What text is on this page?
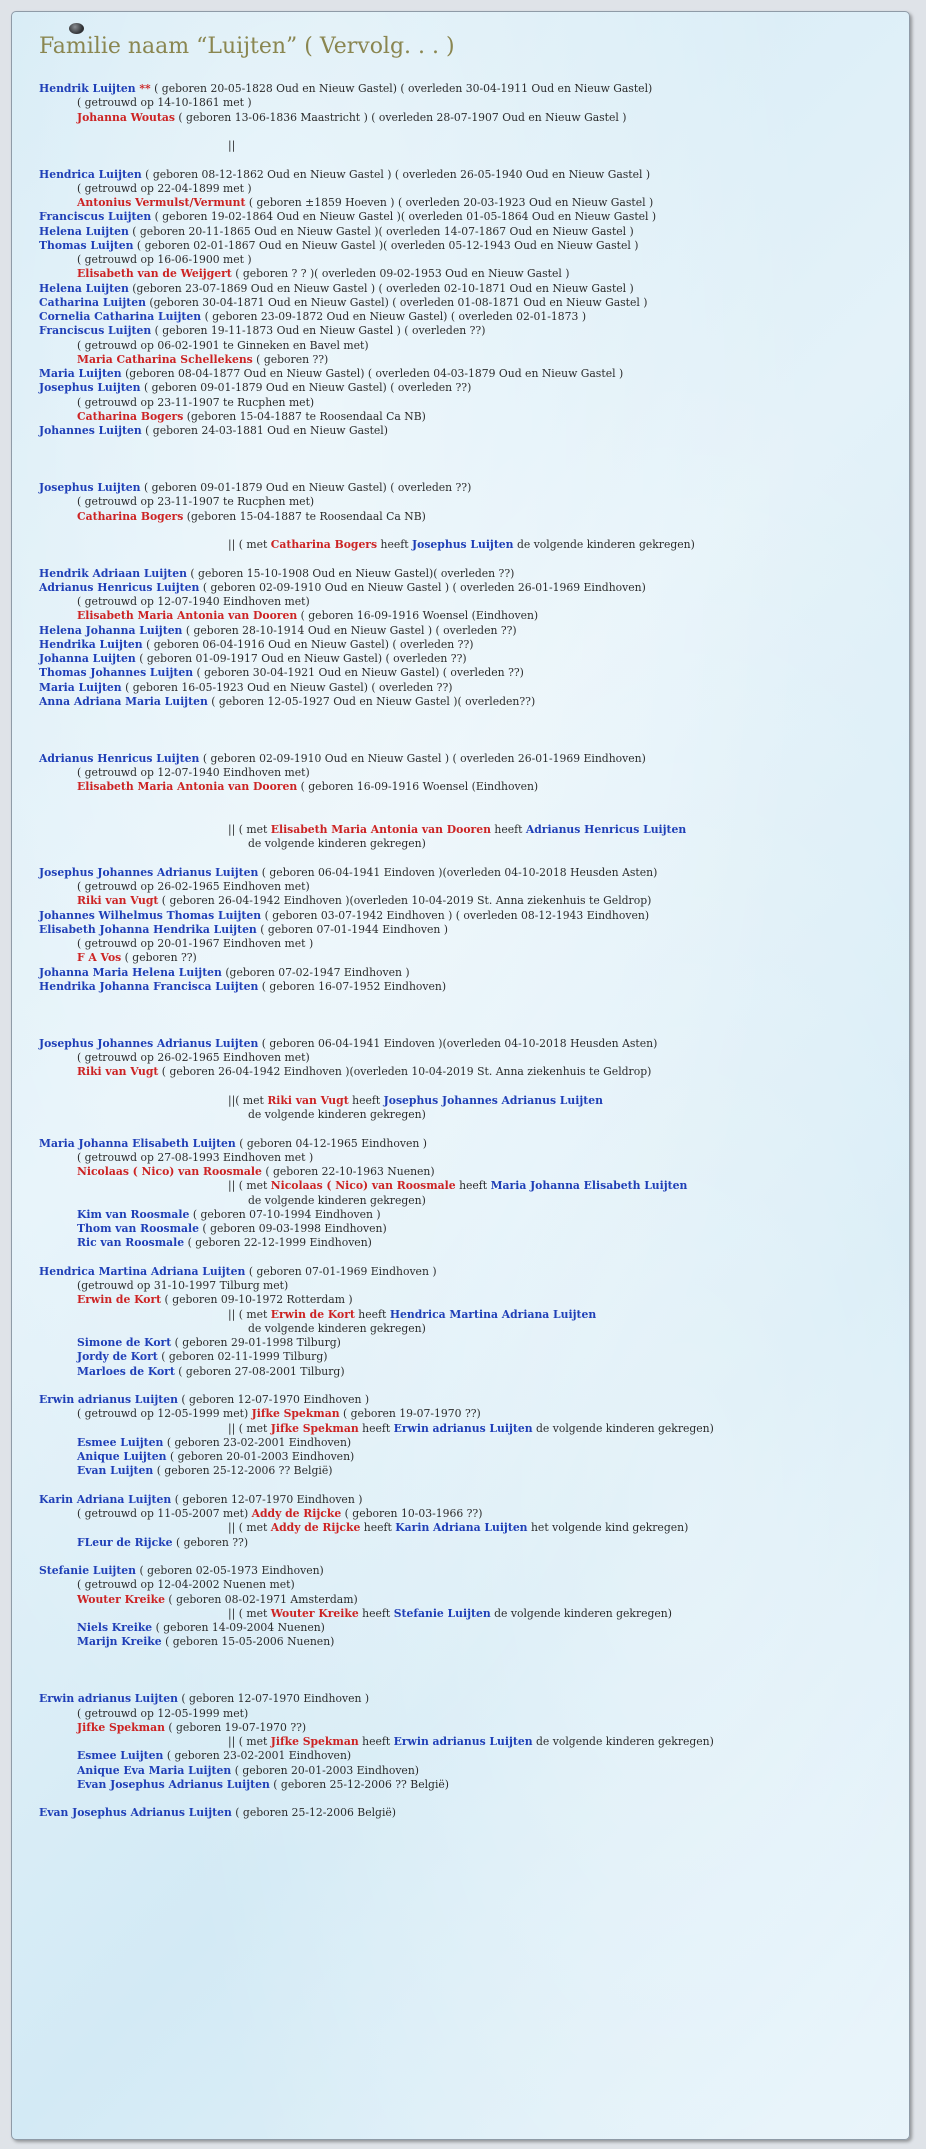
Familie naam “Luijten” ( Vervolg. . . )
Hendrik Luijten ** ( geboren 20-05-1828 Oud en Nieuw Gastel) ( overleden 30-04-1911 Oud en Nieuw Gastel)
( getrouwd op 14-10-1861 met )
Johanna Woutas ( geboren 13-06-1836 Maastricht ) ( overleden 28-07-1907 Oud en Nieuw Gastel )
||
Hendrica Luijten ( geboren 08-12-1862 Oud en Nieuw Gastel ) ( overleden 26-05-1940 Oud en Nieuw Gastel )
( getrouwd op 22-04-1899 met )
Antonius Vermulst/Vermunt ( geboren ±1859 Hoeven ) ( overleden 20-03-1923 Oud en Nieuw Gastel )
Franciscus Luijten ( geboren 19-02-1864 Oud en Nieuw Gastel )( overleden 01-05-1864 Oud en Nieuw Gastel )
Helena Luijten ( geboren 20-11-1865 Oud en Nieuw Gastel )( overleden 14-07-1867 Oud en Nieuw Gastel )
Thomas Luijten ( geboren 02-01-1867 Oud en Nieuw Gastel )( overleden 05-12-1943 Oud en Nieuw Gastel )
( getrouwd op 16-06-1900 met )
Elisabeth van de Weijgert ( geboren ? ? )( overleden 09-02-1953 Oud en Nieuw Gastel )
Helena Luijten (geboren 23-07-1869 Oud en Nieuw Gastel ) ( overleden 02-10-1871 Oud en Nieuw Gastel )
Catharina Luijten (geboren 30-04-1871 Oud en Nieuw Gastel) ( overleden 01-08-1871 Oud en Nieuw Gastel )
Cornelia Catharina Luijten ( geboren 23-09-1872 Oud en Nieuw Gastel) ( overleden 02-01-1873 )
Franciscus Luijten ( geboren 19-11-1873 Oud en Nieuw Gastel ) ( overleden ??)
( getrouwd op 06-02-1901 te Ginneken en Bavel met)
Maria Catharina Schellekens ( geboren ??)
Maria Luijten (geboren 08-04-1877 Oud en Nieuw Gastel) ( overleden 04-03-1879 Oud en Nieuw Gastel )
Josephus Luijten ( geboren 09-01-1879 Oud en Nieuw Gastel) ( overleden ??)
( getrouwd op 23-11-1907 te Rucphen met)
Catharina Bogers (geboren 15-04-1887 te Roosendaal Ca NB)
Johannes Luijten ( geboren 24-03-1881 Oud en Nieuw Gastel)
Josephus Luijten ( geboren 09-01-1879 Oud en Nieuw Gastel) ( overleden ??)
( getrouwd op 23-11-1907 te Rucphen met)
Catharina Bogers (geboren 15-04-1887 te Roosendaal Ca NB)
|| ( met Catharina Bogers heeft Josephus Luijten de volgende kinderen gekregen)
Hendrik Adriaan Luijten ( geboren 15-10-1908 Oud en Nieuw Gastel)( overleden ??)
Adrianus Henricus Luijten ( geboren 02-09-1910 Oud en Nieuw Gastel ) ( overleden 26-01-1969 Eindhoven)
( getrouwd op 12-07-1940 Eindhoven met)
Elisabeth Maria Antonia van Dooren ( geboren 16-09-1916 Woensel (Eindhoven)
Helena Johanna Luijten ( geboren 28-10-1914 Oud en Nieuw Gastel ) ( overleden ??)
Hendrika Luijten ( geboren 06-04-1916 Oud en Nieuw Gastel) ( overleden ??)
Johanna Luijten ( geboren 01-09-1917 Oud en Nieuw Gastel) ( overleden ??)
Thomas Johannes Luijten ( geboren 30-04-1921 Oud en Nieuw Gastel) ( overleden ??)
Maria Luijten ( geboren 16-05-1923 Oud en Nieuw Gastel) ( overleden ??)
Anna Adriana Maria Luijten ( geboren 12-05-1927 Oud en Nieuw Gastel )( overleden??)
Adrianus Henricus Luijten ( geboren 02-09-1910 Oud en Nieuw Gastel ) ( overleden 26-01-1969 Eindhoven)
( getrouwd op 12-07-1940 Eindhoven met)
Elisabeth Maria Antonia van Dooren ( geboren 16-09-1916 Woensel (Eindhoven)
|| ( met Elisabeth Maria Antonia van Dooren heeft Adrianus Henricus Luijten
de volgende kinderen gekregen)
Josephus Johannes Adrianus Luijten ( geboren 06-04-1941 Eindoven )(overleden 04-10-2018 Heusden Asten)
( getrouwd op 26-02-1965 Eindhoven met)
Riki van Vugt ( geboren 26-04-1942 Eindhoven )(overleden 10-04-2019 St. Anna ziekenhuis te Geldrop)
Johannes Wilhelmus Thomas Luijten ( geboren 03-07-1942 Eindhoven ) ( overleden 08-12-1943 Eindhoven)
Elisabeth Johanna Hendrika Luijten ( geboren 07-01-1944 Eindhoven )
( getrouwd op 20-01-1967 Eindhoven met )
F A Vos ( geboren ??)
Johanna Maria Helena Luijten (geboren 07-02-1947 Eindhoven )
Hendrika Johanna Francisca Luijten ( geboren 16-07-1952 Eindhoven)
Josephus Johannes Adrianus Luijten ( geboren 06-04-1941 Eindoven )(overleden 04-10-2018 Heusden Asten)
( getrouwd op 26-02-1965 Eindhoven met)
Riki van Vugt ( geboren 26-04-1942 Eindhoven )(overleden 10-04-2019 St. Anna ziekenhuis te Geldrop)
||( met Riki van Vugt heeft Josephus Johannes Adrianus Luijten
de volgende kinderen gekregen)
Maria Johanna Elisabeth Luijten ( geboren 04-12-1965 Eindhoven )
( getrouwd op 27-08-1993 Eindhoven met )
Nicolaas ( Nico) van Roosmale ( geboren 22-10-1963 Nuenen)
|| ( met Nicolaas ( Nico) van Roosmale heeft Maria Johanna Elisabeth Luijten
de volgende kinderen gekregen)
Kim van Roosmale ( geboren 07-10-1994 Eindhoven )
Thom van Roosmale ( geboren 09-03-1998 Eindhoven)
Ric van Roosmale ( geboren 22-12-1999 Eindhoven)
Hendrica Martina Adriana Luijten ( geboren 07-01-1969 Eindhoven )
(getrouwd op 31-10-1997 Tilburg met)
Erwin de Kort ( geboren 09-10-1972 Rotterdam )
|| ( met Erwin de Kort heeft Hendrica Martina Adriana Luijten
de volgende kinderen gekregen)
Simone de Kort ( geboren 29-01-1998 Tilburg)
Jordy de Kort ( geboren 02-11-1999 Tilburg)
Marloes de Kort ( geboren 27-08-2001 Tilburg)
Erwin adrianus Luijten ( geboren 12-07-1970 Eindhoven )
( getrouwd op 12-05-1999 met) Jifke Spekman ( geboren 19-07-1970 ??)
|| ( met Jifke Spekman heeft Erwin adrianus Luijten de volgende kinderen gekregen)
Esmee Luijten ( geboren 23-02-2001 Eindhoven)
Anique Luijten ( geboren 20-01-2003 Eindhoven)
Evan Luijten ( geboren 25-12-2006 ?? België)
Karin Adriana Luijten ( geboren 12-07-1970 Eindhoven )
( getrouwd op 11-05-2007 met) Addy de Rijcke ( geboren 10-03-1966 ??)
|| ( met Addy de Rijcke heeft Karin Adriana Luijten het volgende kind gekregen)
FLeur de Rijcke ( geboren ??)
Stefanie Luijten ( geboren 02-05-1973 Eindhoven)
( getrouwd op 12-04-2002 Nuenen met)
Wouter Kreike ( geboren 08-02-1971 Amsterdam)
|| ( met Wouter Kreike heeft Stefanie Luijten de volgende kinderen gekregen)
Niels Kreike ( geboren 14-09-2004 Nuenen)
Marijn Kreike ( geboren 15-05-2006 Nuenen)
Erwin adrianus Luijten ( geboren 12-07-1970 Eindhoven )
( getrouwd op 12-05-1999 met)
Jifke Spekman ( geboren 19-07-1970 ??)
|| ( met Jifke Spekman heeft Erwin adrianus Luijten de volgende kinderen gekregen)
Esmee Luijten ( geboren 23-02-2001 Eindhoven)
Anique Eva Maria Luijten ( geboren 20-01-2003 Eindhoven)
Evan Josephus Adrianus Luijten ( geboren 25-12-2006 ?? België)
Evan Josephus Adrianus Luijten ( geboren 25-12-2006 België)
